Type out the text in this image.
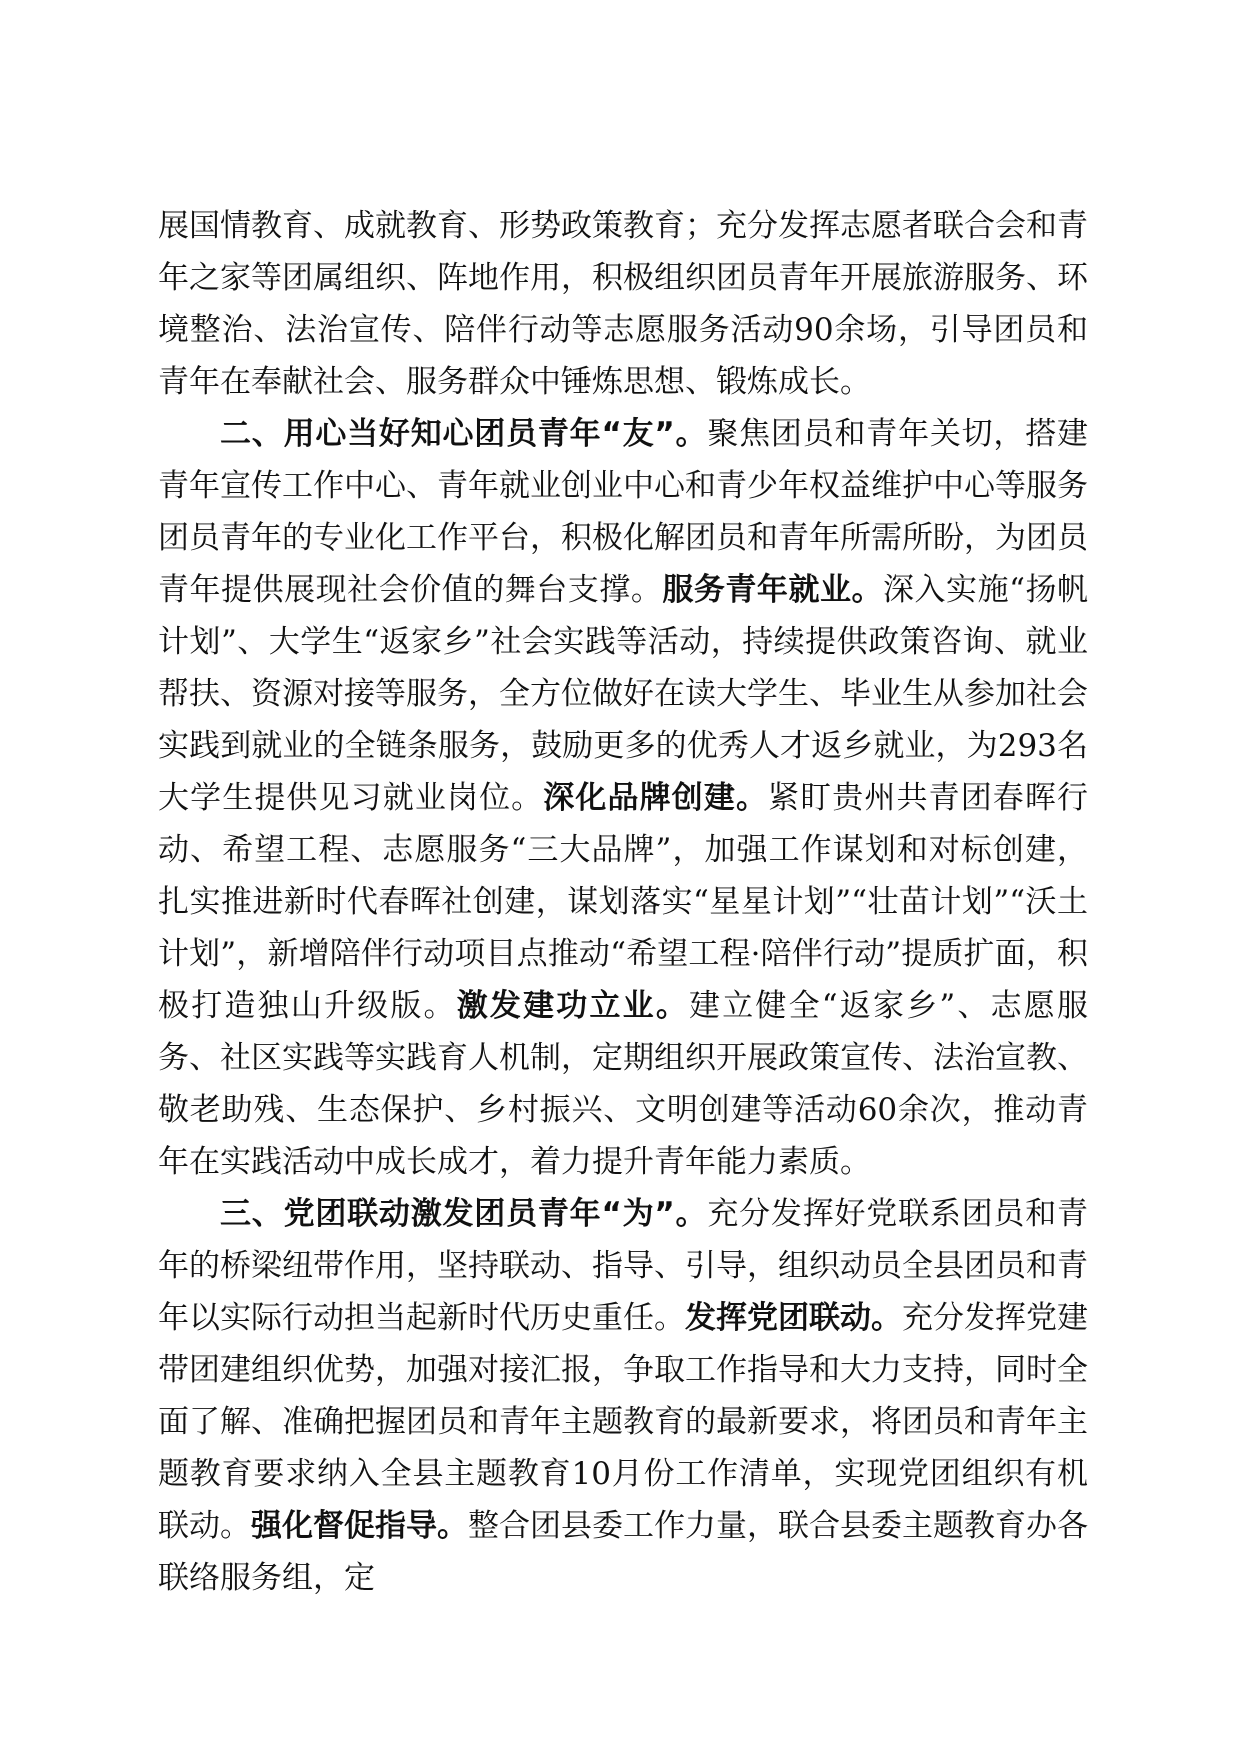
展国情教育、成就教育、形势政策教育；充分发挥志愿者联合会和青年之家等团属组织、阵地作用，积极组织团员青年开展旅游服务、环境整治、法治宣传、陪伴行动等志愿服务活动90余场，引导团员和青年在奉献社会、服务群众中锤炼思想、锻炼成长。

二、用心当好知心团员青年“友”。聚焦团员和青年关切，搭建青年宣传工作中心、青年就业创业中心和青少年权益维护中心等服务团员青年的专业化工作平台，积极化解团员和青年所需所盼，为团员青年提供展现社会价值的舞台支撑。服务青年就业。深入实施“扬帆计划”、大学生“返家乡”社会实践等活动，持续提供政策咨询、就业帮扶、资源对接等服务，全方位做好在读大学生、毕业生从参加社会实践到就业的全链条服务，鼓励更多的优秀人才返乡就业，为293名大学生提供见习就业岗位。深化品牌创建。紧盯贵州共青团春晖行动、希望工程、志愿服务“三大品牌”，加强工作谋划和对标创建，扎实推进新时代春晖社创建，谋划落实“星星计划”“壮苗计划”“沃土计划”，新增陪伴行动项目点推动“希望工程·陪伴行动”提质扩面，积极打造独山升级版。激发建功立业。建立健全“返家乡”、志愿服务、社区实践等实践育人机制，定期组织开展政策宣传、法治宣教、敬老助残、生态保护、乡村振兴、文明创建等活动60余次，推动青年在实践活动中成长成才，着力提升青年能力素质。

三、党团联动激发团员青年“为”。充分发挥好党联系团员和青年的桥梁纽带作用，坚持联动、指导、引导，组织动员全县团员和青年以实际行动担当起新时代历史重任。发挥党团联动。充分发挥党建带团建组织优势，加强对接汇报，争取工作指导和大力支持，同时全面了解、准确把握团员和青年主题教育的最新要求，将团员和青年主题教育要求纳入全县主题教育10月份工作清单，实现党团组织有机联动。强化督促指导。整合团县委工作力量，联合县委主题教育办各联络服务组，定
